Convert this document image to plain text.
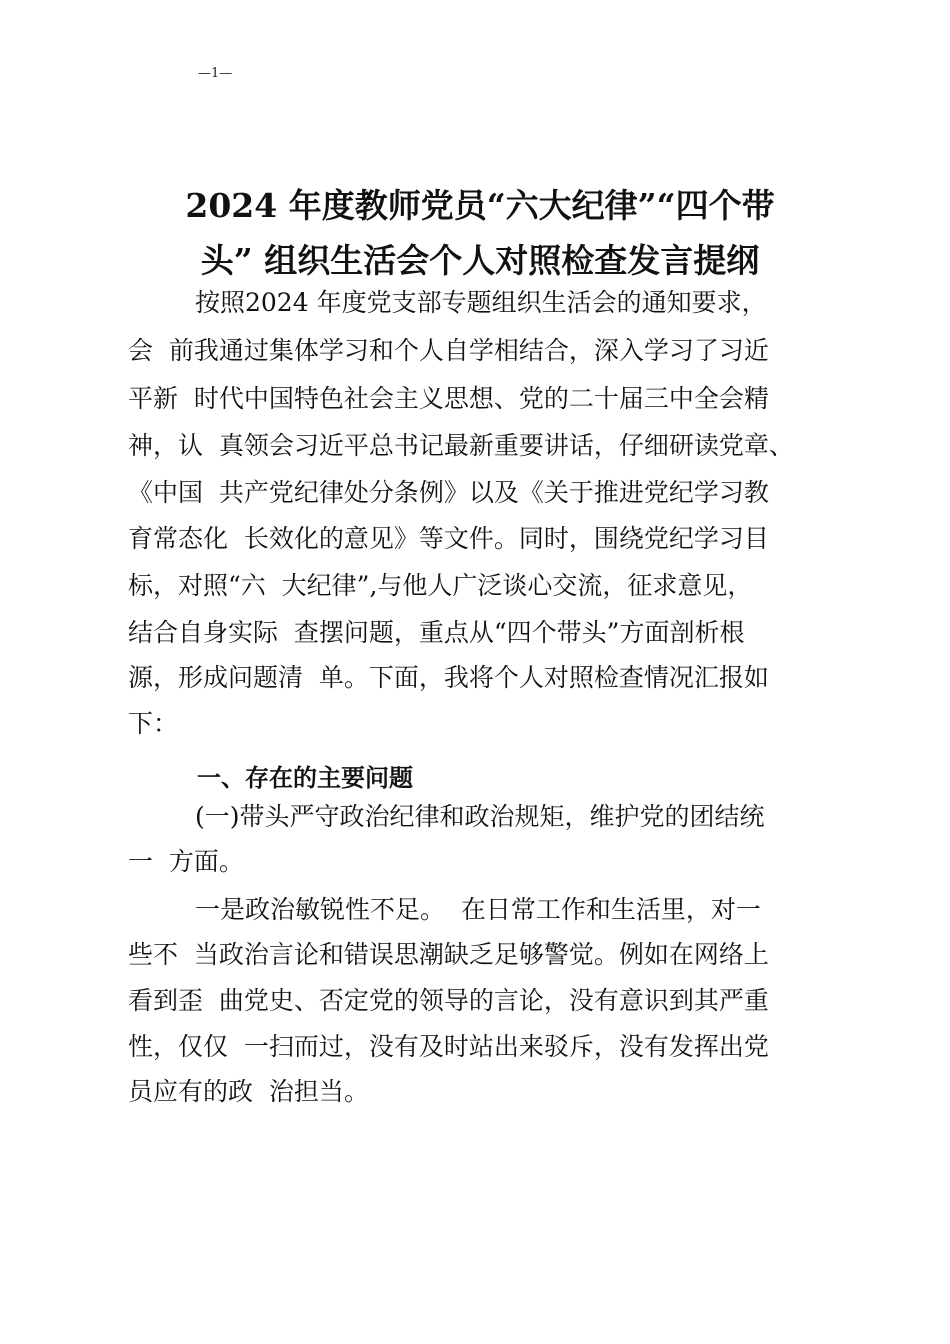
—1—
2024 年度教师党员“六大纪律”“四个带
头” 组织生活会个人对照检查发言提纲
按照2024 年度党支部专题组织生活会的通知要求，
会  前我通过集体学习和个人自学相结合，深入学习了习近
平新  时代中国特色社会主义思想、党的二十届三中全会精
神，认  真领会习近平总书记最新重要讲话，仔细研读党章、
《中国  共产党纪律处分条例》以及《关于推进党纪学习教
育常态化  长效化的意见》等文件。同时，围绕党纪学习目
标，对照“六  大纪律”,与他人广泛谈心交流，征求意见，
结合自身实际  查摆问题，重点从“四个带头”方面剖析根
源，形成问题清  单。下面，我将个人对照检查情况汇报如
下：
一、存在的主要问题
(一)带头严守政治纪律和政治规矩，维护党的团结统
一  方面。
一是政治敏锐性不足。  在日常工作和生活里，对一
些不  当政治言论和错误思潮缺乏足够警觉。例如在网络上
看到歪  曲党史、否定党的领导的言论，没有意识到其严重
性，仅仅  一扫而过，没有及时站出来驳斥，没有发挥出党
员应有的政  治担当。
